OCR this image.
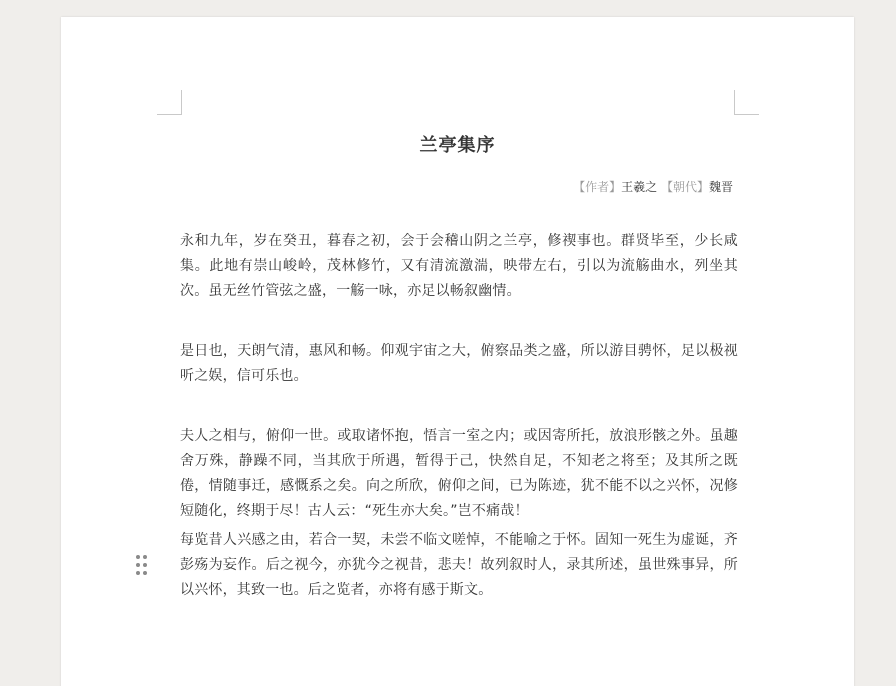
兰亭集序
【作者】王羲之 【朝代】魏晋
永和九年，岁在癸丑，暮春之初，会于会稽山阴之兰亭，修禊事也。群贤毕至，少长咸集。此地有崇山峻岭，茂林修竹，又有清流激湍，映带左右，引以为流觞曲水，列坐其次。虽无丝竹管弦之盛，一觞一咏，亦足以畅叙幽情。
是日也，天朗气清，惠风和畅。仰观宇宙之大，俯察品类之盛，所以游目骋怀，足以极视听之娱，信可乐也。
夫人之相与，俯仰一世。或取诸怀抱，悟言一室之内；或因寄所托，放浪形骸之外。虽趣舍万殊，静躁不同，当其欣于所遇，暂得于己，快然自足，不知老之将至；及其所之既倦，情随事迁，感慨系之矣。向之所欣，俯仰之间，已为陈迹，犹不能不以之兴怀，况修短随化，终期于尽！古人云：“死生亦大矣。”岂不痛哉！
每览昔人兴感之由，若合一契，未尝不临文嗟悼，不能喻之于怀。固知一死生为虚诞，齐彭殇为妄作。后之视今，亦犹今之视昔，悲夫！故列叙时人，录其所述，虽世殊事异，所以兴怀，其致一也。后之览者，亦将有感于斯文。
